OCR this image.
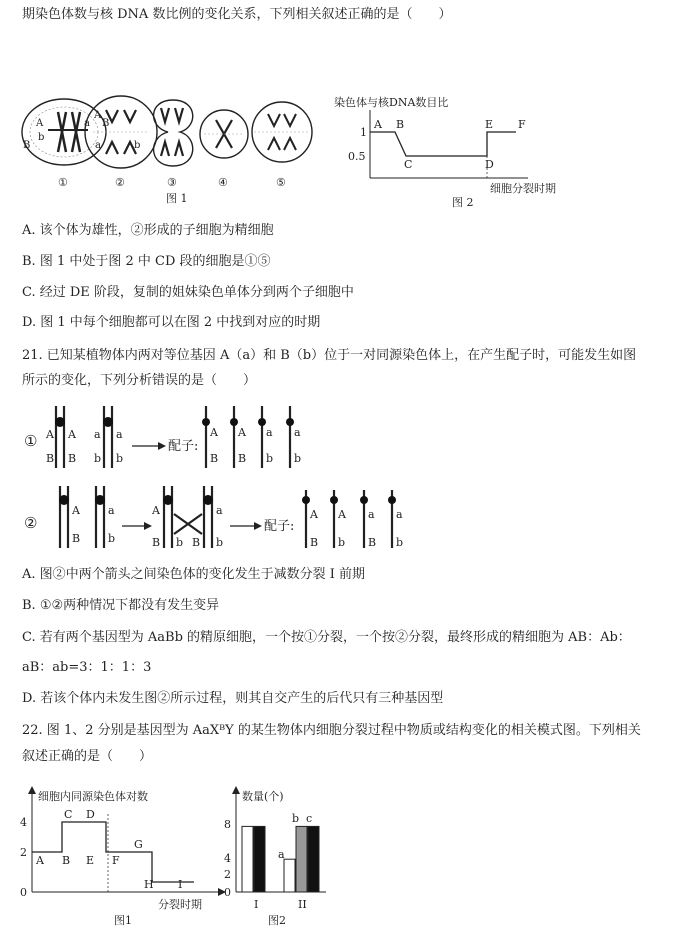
期染色体数与核 DNA 数比例的变化关系，下列相关叙述正确的是（　　）
A
b
B
a
A
B
a	b
①	②	③	④	⑤
图 1
染色体与核DNA数目比
1
0.5
A B
C	D
E F
细胞分裂时期
图 2
A. 该个体为雄性，②形成的子细胞为精细胞
B. 图 1 中处于图 2 中 CD 段的细胞是①⑤
C. 经过 DE 阶段，复制的姐妹染色单体分到两个子细胞中
D. 图 1 中每个细胞都可以在图 2 中找到对应的时期
21. 已知某植物体内两对等位基因 A（a）和 B（b）位于一对同源染色体上，在产生配子时，可能发生如图
所示的变化，下列分析错误的是（　　）
① A
B
A
B
a
b
a
b
配子:
A
B
A
B
a
b
a
b
②
A
B
a
b
A
B b B
a
b
配子:
A
B
A
b
a
B
a
b
A. 图②中两个箭头之间染色体的变化发生于减数分裂 I 前期
B. ①②两种情况下都没有发生变异
C. 若有两个基因型为 AaBb 的精原细胞，一个按①分裂，一个按②分裂，最终形成的精细胞为 AB：Ab：
aB：ab=3：1：1：3
D. 若该个体内未发生图②所示过程，则其自交产生的后代只有三种基因型
22. 图 1、2 分别是基因型为 AaXᴮY 的某生物体内细胞分裂过程中物质或结构变化的相关模式图。下列相关
叙述正确的是（　　）
细胞内同源染色体对数
4
2
0
A B
C D
E F
G
H I
分裂时期
图1
数量(个)
8
4
2
0
b c
a
I	II
图2
